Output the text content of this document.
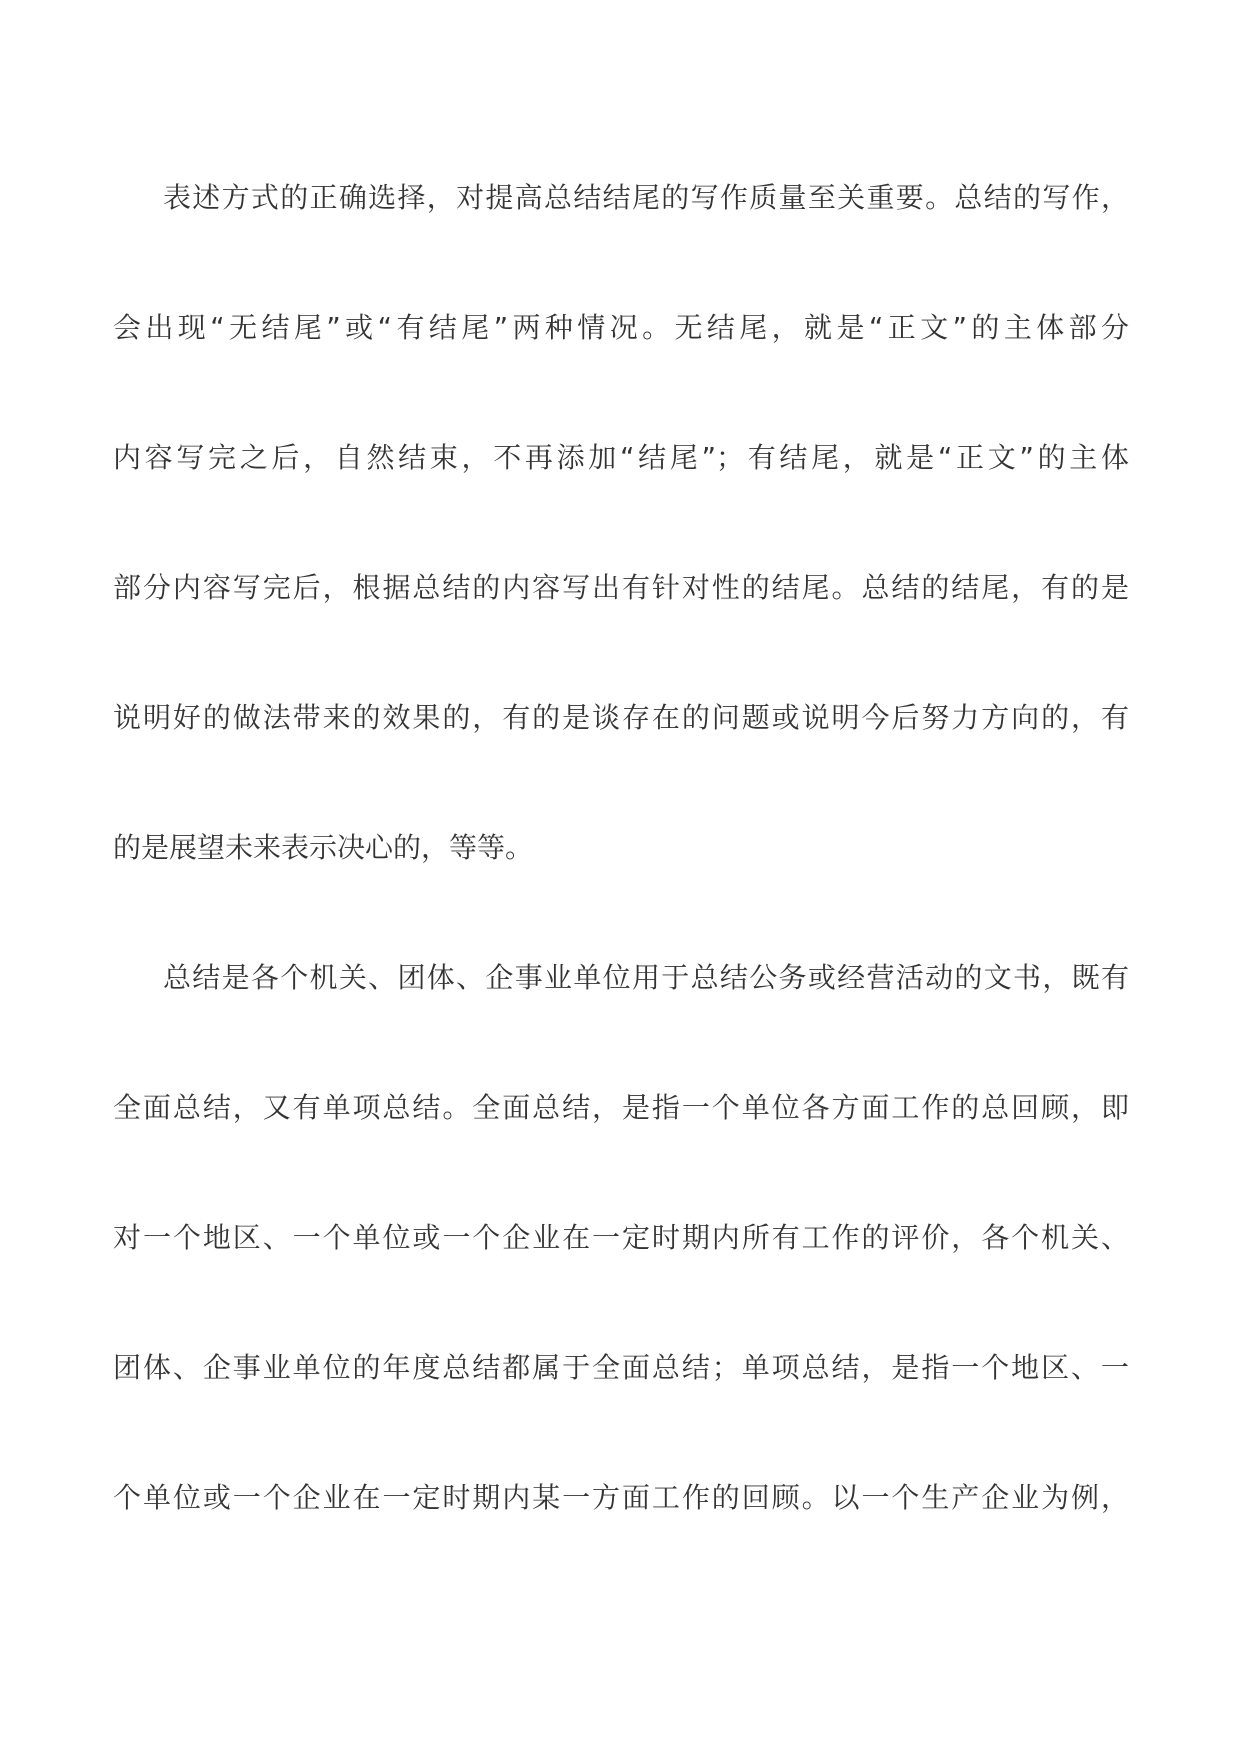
表述方式的正确选择，对提高总结结尾的写作质量至关重要。总结的写作，
会出现“无结尾”或“有结尾”两种情况。无结尾，就是“正文”的主体部分
内容写完之后，自然结束，不再添加“结尾”；有结尾，就是“正文”的主体
部分内容写完后，根据总结的内容写出有针对性的结尾。总结的结尾，有的是
说明好的做法带来的效果的，有的是谈存在的问题或说明今后努力方向的，有
的是展望未来表示决心的，等等。
总结是各个机关、团体、企事业单位用于总结公务或经营活动的文书，既有
全面总结，又有单项总结。全面总结，是指一个单位各方面工作的总回顾，即
对一个地区、一个单位或一个企业在一定时期内所有工作的评价，各个机关、
团体、企事业单位的年度总结都属于全面总结；单项总结，是指一个地区、一
个单位或一个企业在一定时期内某一方面工作的回顾。以一个生产企业为例，
